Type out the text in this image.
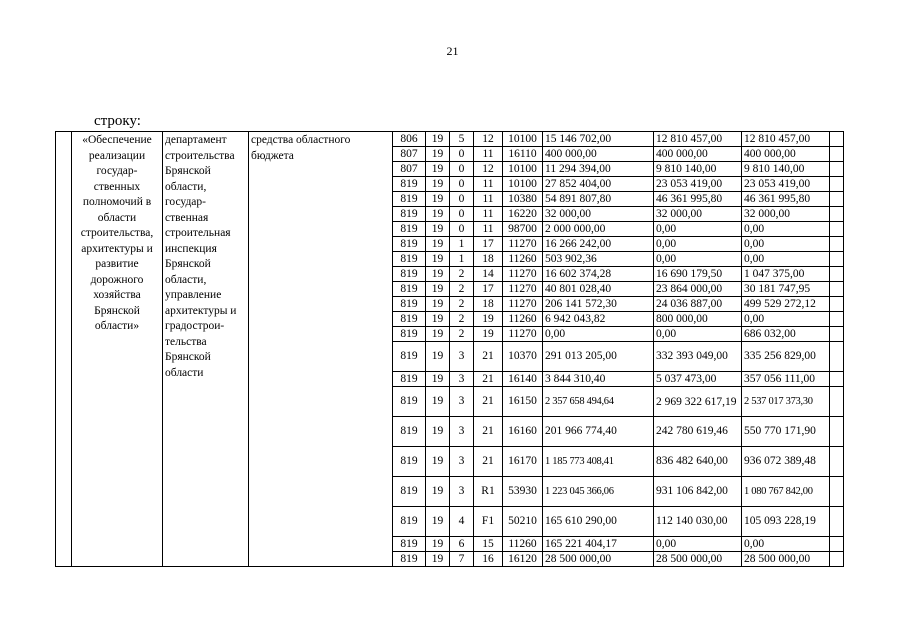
21
строку:
	«Обеспечение реализации государ-ственных полномочий в области строительства, архитектуры и развитие дорожного хозяйства Брянской области»	департамент строительства Брянской области, государ-ственная строительная инспекция Брянской области, управление архитектуры и градострои-тельства Брянской области	средства областного бюджета	806	19	5	12	10100	15 146 702,00	12 810 457,00	12 810 457,00	
				807	19	0	11	16110	400 000,00	400 000,00	400 000,00	
				807	19	0	12	10100	11 294 394,00	9 810 140,00	9 810 140,00	
				819	19	0	11	10100	27 852 404,00	23 053 419,00	23 053 419,00	
				819	19	0	11	10380	54 891 807,80	46 361 995,80	46 361 995,80	
				819	19	0	11	16220	32 000,00	32 000,00	32 000,00	
				819	19	0	11	98700	2 000 000,00	0,00	0,00	
				819	19	1	17	11270	16 266 242,00	0,00	0,00	
				819	19	1	18	11260	503 902,36	0,00	0,00	
				819	19	2	14	11270	16 602 374,28	16 690 179,50	1 047 375,00	
				819	19	2	17	11270	40 801 028,40	23 864 000,00	30 181 747,95	
				819	19	2	18	11270	206 141 572,30	24 036 887,00	499 529 272,12	
				819	19	2	19	11260	6 942 043,82	800 000,00	0,00	
				819	19	2	19	11270	0,00	0,00	686 032,00	
				819	19	3	21	10370	291 013 205,00	332 393 049,00	335 256 829,00	
				819	19	3	21	16140	3 844 310,40	5 037 473,00	357 056 111,00	
				819	19	3	21	16150	2 357 658 494,64	2 969 322 617,19	2 537 017 373,30	
				819	19	3	21	16160	201 966 774,40	242 780 619,46	550 770 171,90	
				819	19	3	21	16170	1 185 773 408,41	836 482 640,00	936 072 389,48	
				819	19	3	R1	53930	1 223 045 366,06	931 106 842,00	1 080 767 842,00	
				819	19	4	F1	50210	165 610 290,00	112 140 030,00	105 093 228,19	
				819	19	6	15	11260	165 221 404,17	0,00	0,00	
				819	19	7	16	16120	28 500 000,00	28 500 000,00	28 500 000,00	
